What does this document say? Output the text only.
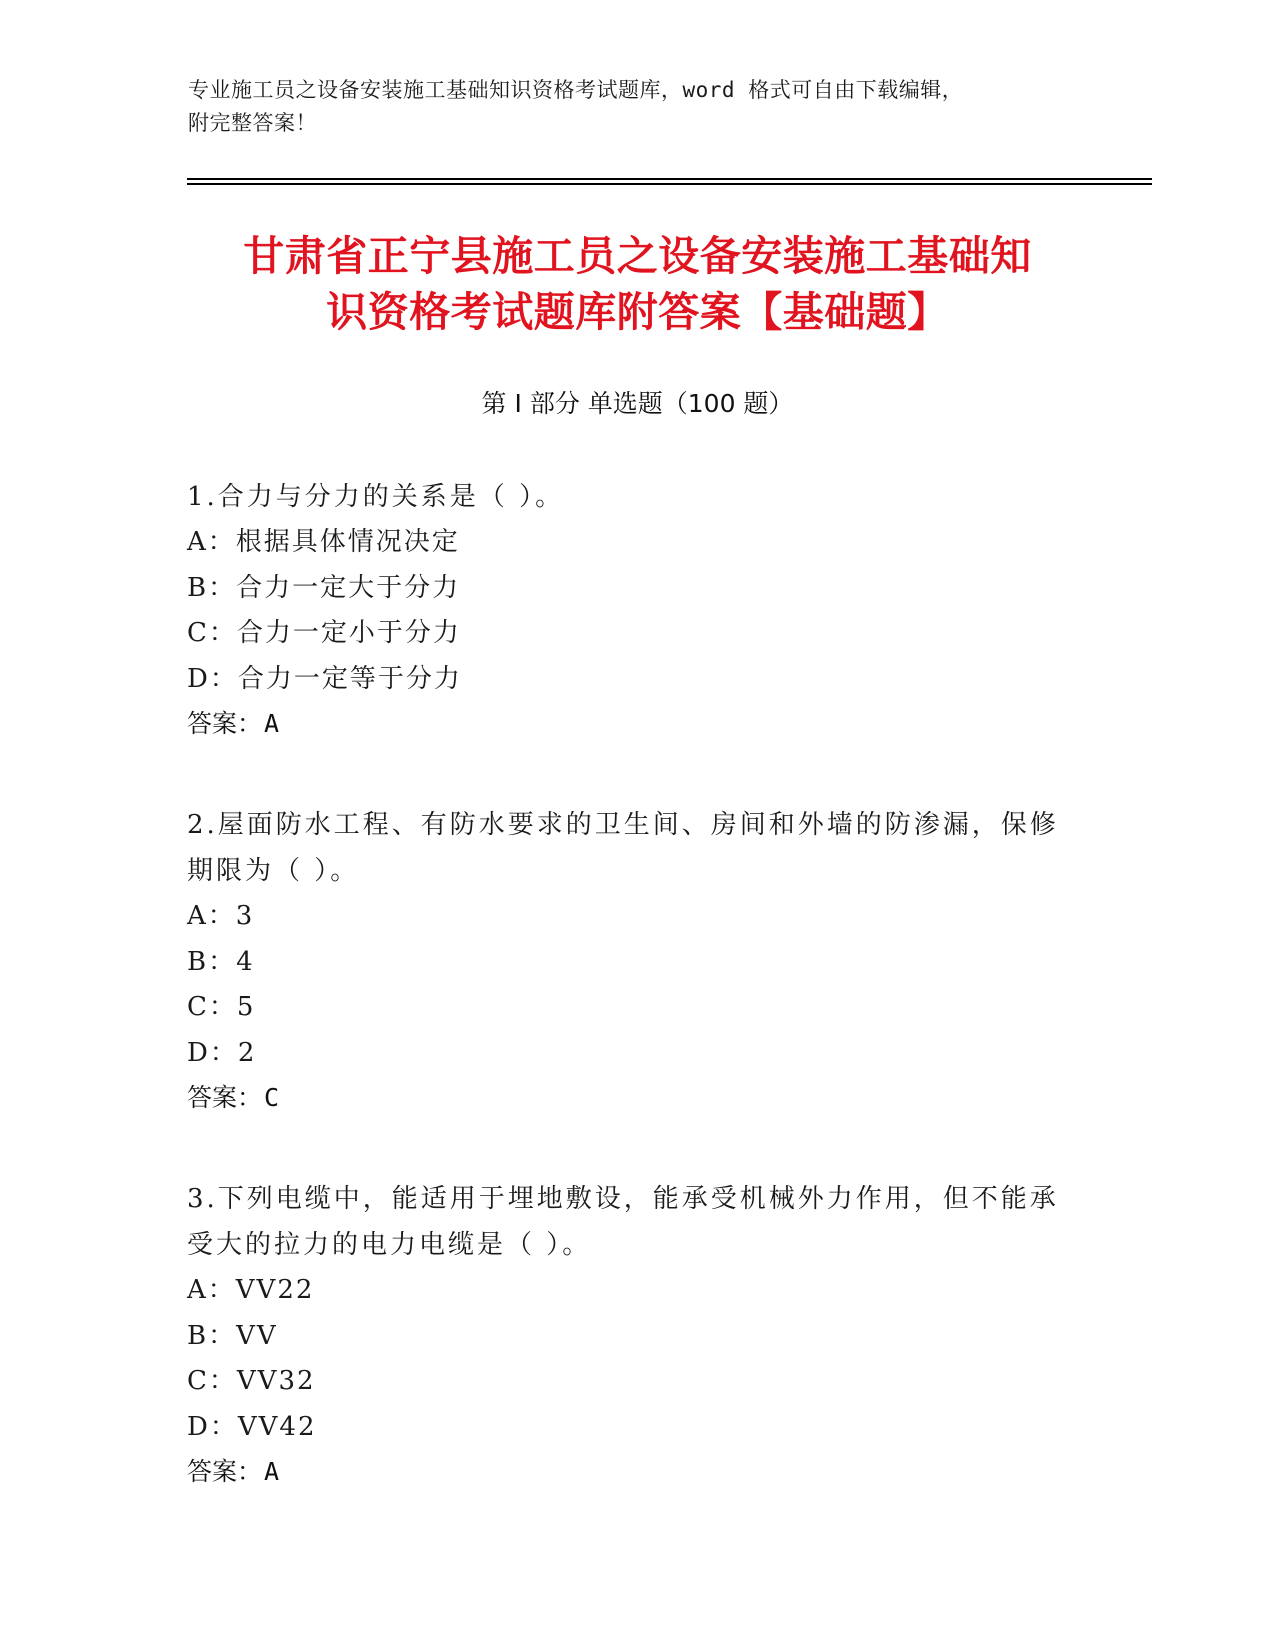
专业施工员之设备安装施工基础知识资格考试题库，word 格式可自由下载编辑，
附完整答案！
甘肃省正宁县施工员之设备安装施工基础知
识资格考试题库附答案【基础题】
第 I 部分 单选题（100 题）
1.合力与分力的关系是（ ）。
A：根据具体情况决定
B：合力一定大于分力
C：合力一定小于分力
D：合力一定等于分力
答案：A
2.屋面防水工程、有防水要求的卫生间、房间和外墙的防渗漏，保修
期限为（ ）。
A：3
B：4
C：5
D：2
答案：C
3.下列电缆中，能适用于埋地敷设，能承受机械外力作用，但不能承
受大的拉力的电力电缆是（ ）。
A：VV22
B：VV
C：VV32
D：VV42
答案：A
